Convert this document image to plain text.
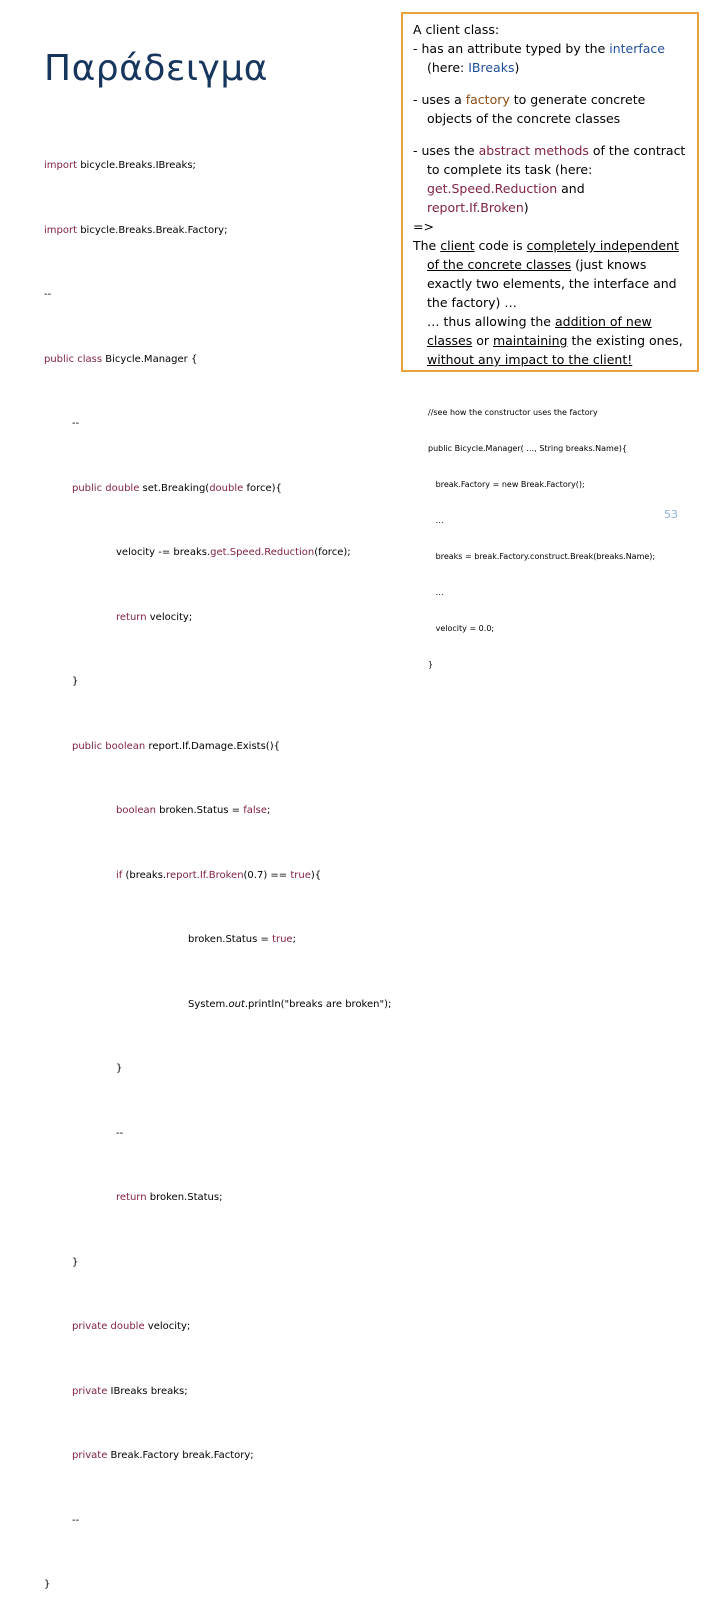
Παράδειγμα

import bicycle.Breaks.IBreaks;

import bicycle.Breaks.Break.Factory;

--

public class Bicycle.Manager {

--

public double set.Breaking(double force){

velocity -= breaks.get.Speed.Reduction(force);

return velocity;

}

public boolean report.If.Damage.Exists(){

boolean broken.Status = false;

if (breaks.report.If.Broken(0.7) == true){

broken.Status = true;

System.out.println("breaks are broken");

}

--

return broken.Status;

}

private double velocity;

private IBreaks breaks;

private Break.Factory break.Factory;

--

}

A client class:

- has an attribute typed by the interface (here: IBreaks)

- uses a factory to generate concrete objects of the concrete classes

- uses the abstract methods of the contract to complete its task (here: get.Speed.Reduction and report.If.Broken)

=>

The client code is completely independent of the concrete classes (just knows exactly two elements, the interface and the factory) …

… thus allowing the addition of new classes or maintaining the existing ones, without any impact to the client!

//see how the constructor uses the factory

public Bicycle.Manager( …, String breaks.Name){

break.Factory = new Break.Factory();

…

breaks = break.Factory.construct.Break(breaks.Name);

…

velocity = 0.0;

}

53
